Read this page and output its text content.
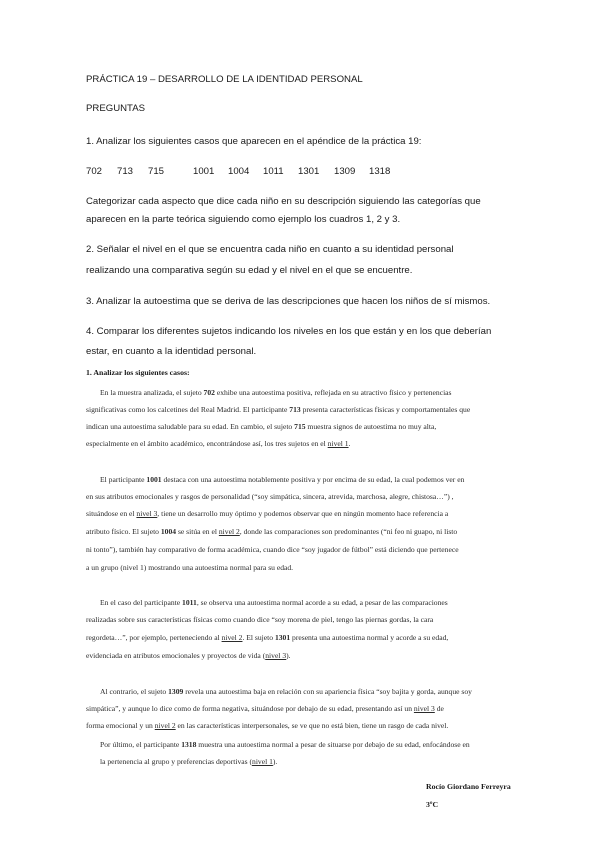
PRÁCTICA 19 – DESARROLLO DE LA IDENTIDAD PERSONAL
PREGUNTAS
1. Analizar los siguientes casos que aparecen en el apéndice de la práctica 19:
702 713 715	1001 1004 1011 1301 1309 1318
Categorizar cada aspecto que dice cada niño en su descripción siguiendo las categorías que
aparecen en la parte teórica siguiendo como ejemplo los cuadros 1, 2 y 3.
2. Señalar el nivel en el que se encuentra cada niño en cuanto a su identidad personal
realizando una comparativa según su edad y el nivel en el que se encuentre.
3. Analizar la autoestima que se deriva de las descripciones que hacen los niños de sí mismos.
4. Comparar los diferentes sujetos indicando los niveles en los que están y en los que deberían
estar, en cuanto a la identidad personal.
1. Analizar los siguientes casos:
En la muestra analizada, el sujeto 702 exhibe una autoestima positiva, reflejada en su atractivo físico y pertenencias
significativas como los calcetines del Real Madrid. El participante 713 presenta características físicas y comportamentales que
indican una autoestima saludable para su edad. En cambio, el sujeto 715 muestra signos de autoestima no muy alta,
especialmente en el ámbito académico, encontrándose así, los tres sujetos en el nivel 1.
El participante 1001 destaca con una autoestima notablemente positiva y por encima de su edad, la cual podemos ver en
en sus atributos emocionales y rasgos de personalidad (“soy simpática, sincera, atrevida, marchosa, alegre, chistosa…”) ,
situándose en el nivel 3, tiene un desarrollo muy óptimo y podemos observar que en ningún momento hace referencia a
atributo físico. El sujeto 1004 se sitúa en el nivel 2, donde las comparaciones son predominantes (“ni feo ni guapo, ni listo
ni tonto”), también hay comparativo de forma académica, cuando dice “soy jugador de fútbol” está diciendo que pertenece
a un grupo (nivel 1) mostrando una autoestima normal para su edad.
En el caso del participante 1011, se observa una autoestima normal acorde a su edad, a pesar de las comparaciones
realizadas sobre sus características físicas como cuando dice “soy morena de piel, tengo las piernas gordas, la cara
regordeta…”, por ejemplo, perteneciendo al nivel 2. El sujeto 1301 presenta una autoestima normal y acorde a su edad,
evidenciada en atributos emocionales y proyectos de vida (nivel 3).
Al contrario, el sujeto 1309 revela una autoestima baja en relación con su apariencia física “soy bajita y gorda, aunque soy
simpática”, y aunque lo dice como de forma negativa, situándose por debajo de su edad, presentando así un nivel 3 de
forma emocional y un nivel 2 en las características interpersonales, se ve que no está bien, tiene un rasgo de cada nivel.
Por último, el participante 1318 muestra una autoestima normal a pesar de situarse por debajo de su edad, enfocándose en
la pertenencia al grupo y preferencias deportivas (nivel 1).
Rocío Giordano Ferreyra
3ºC
